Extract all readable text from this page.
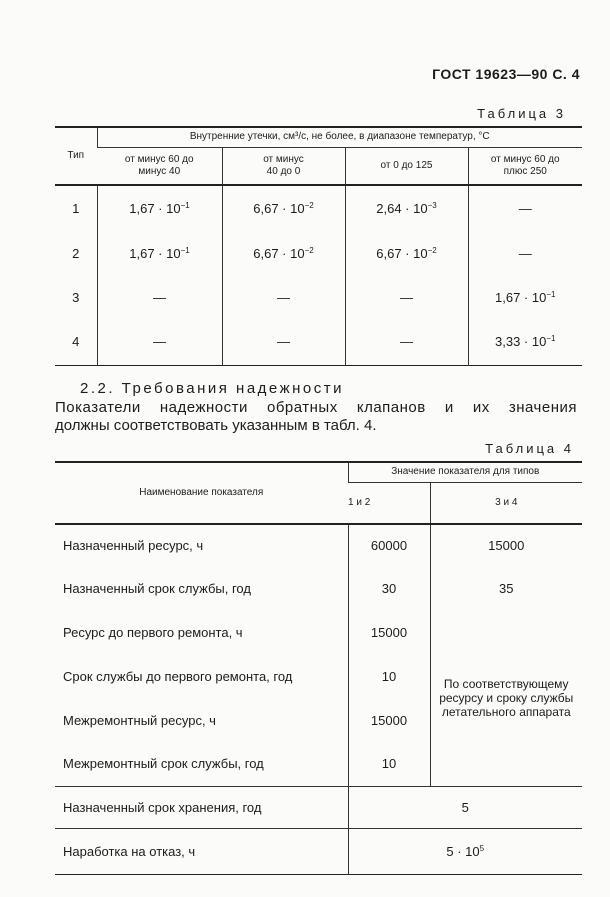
ГОСТ 19623—90 С. 4
Таблица 3
Тип	Внутренние утечки, см³/с, не более, в диапазоне температур, °С			
	от минус 60 до минус 40	от минус 40 до 0	от 0 до 125	от минус 60 до плюс 250
1	$1,67 \cdot 10^{-1}$	$6,67 \cdot 10^{-2}$	$2,64 \cdot 10^{-3}$	—
2	$1,67 \cdot 10^{-1}$	$6,67 \cdot 10^{-2}$	$6,67 \cdot 10^{-2}$	—
3	—	—	—	$1,67 \cdot 10^{-1}$
4	—	—	—	$3,33 \cdot 10^{-1}$
2.2. Требования надежности
Показатели надежности обратных клапанов и их значения
должны соответствовать указанным в табл. 4.
Таблица 4
Наименование показателя	Значение показателя для типов	
	1 и 2	3 и 4
Назначенный ресурс, ч	60000	15000
Назначенный срок службы, год	30	35
Ресурс до первого ремонта, ч	15000	По соответствующему ресурсу и сроку службы летательного аппарата
Срок службы до первого ремонта, год	10	
Межремонтный ресурс, ч	15000	
Межремонтный срок службы, год	10	
Назначенный срок хранения, год	5	
Наработка на отказ, ч	$5 \cdot 10^5$
